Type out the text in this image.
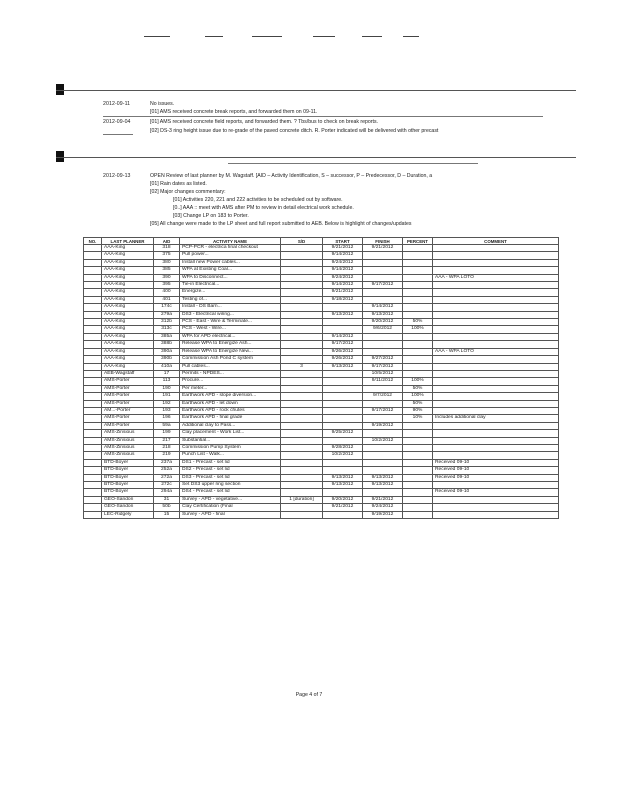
2012-09-11	No issues.
[01] AMS received concrete break reports, and forwarded them on 09-11.
2012-09-04	[01] AMS received concrete field reports, and forwarded them. ? Tbs/bus to check on break reports.
[02] DS-3 ring height issue due to re-grade of the paved concrete ditch. R. Porter indicated will be delivered with other precast
2012-09-13	OPEN Review of last planner by M. Wagstaff. [AID – Activity Identification, S – successor, P – Predecessor, D – Duration, a
[01] Rain dates as listed.
[02] Major changes commentary:
[01] Activities 220, 221 and 222 activities to be scheduled out by software.
[0..] AAA :: meet with AMS after PM to review in detail electrical work schedule.
[03] Change LP on 183 to Porter.
[05] All change were made to the LP sheet and full report submitted to AEB. Below is highlight of changes/updates
NO.	LAST PLANNER	AID	ACTIVITY NAME	S/D	START	FINISH	PERCENT	COMMENT
	AAA-King	318	PCP-PCR - electrica final checkout		9/21/2012	9/21/2012		
	AAA-King	375	Pull power...		9/14/2012			
	AAA-King	380	Install new Power cables...		9/24/2012			
	AAA-King	385	WPA at Existing Coal...		9/14/2012			
	AAA-King	390	WPA to Disconnect...		9/24/2012			AAA - WPA LOTO
	AAA-King	395	Tie-in Electrical...		9/14/2012	9/17/2012		
	AAA-King	400	Energize...		9/21/2012			
	AAA-King	401	Testing of...		9/18/2012			
	AAA-King	174c	Install - DS Barn...			9/14/2012		
	AAA-King	279a	DS3 - Electrical wiring...		9/13/2012	9/13/2012		
	AAA-King	312b	PCS - East - Wire & Terminate...			9/20/2012	50%	
	AAA-King	313c	PCS - West - Wire...			9/6/2012	100%	
	AAA-King	385a	WPA for APD electrical...		9/14/2012			
	AAA-King	388b	Release WPA to Energize Ash...		9/17/2012			
	AAA-King	390a	Release WPA to Energize New...		9/26/2012			AAA - WPA LOTO
	AAA-King	390b	Commission Ash Pond C system		9/26/2012	9/27/2012		
	AAA-King	410a	Pull cables...	3	9/13/2012	9/17/2012		
	AEB-Wagstaff	17	Permits - NPDES...			10/5/2012		
	AMS-Porter	113	Procure...			9/11/2012	100%	
	AMS-Porter	190	Per meter...				50%	
	AMS-Porter	191	Earthwork APD - slope diversion...			9/7/2012	100%	
	AMS-Porter	192	Earthwork APD - let down				50%	
	AM...-Porter	193	Earthwork APD - rock chutes			9/17/2012	90%	
	AMS-Porter	196	Earthwork APD - final grade				10%	Includes additional clay
	AMS-Porter	59a	Additional clay to Pass...			9/19/2012		
	AMS-Zinsious	199	Clay placement - Work List...		9/25/2012			
	AMS-Zinsious	217	Substantial...			10/2/2012		
	AMS-Zinsious	218	Commission Pump System		9/28/2012			
	AMS-Zinsious	219	Punch List - Walk...		10/2/2012			
	BTD-Boyer	237a	DS1 - Precast - set lid					Received 09-10
	BTD-Boyer	252a	DS2 - Precast - set lid					Received 09-10
	BTD-Boyer	272a	DS3 - Precast - set lid		9/13/2012	9/13/2012		Received 09-10
	BTD-Boyer	272c	Set DS3 upper ring section		9/13/2012	9/13/2012		
	BTD-Boyer	294a	DS4 - Precast - set lid					Received 09-10
	GEO-Sandon	31	Survey - APD - vegetative...	1 [duration]	9/20/2012	9/21/2012		
	GEO-Sandon	50b	Clay Certification (Final		9/21/2012	9/24/2012		
	LEC-Ridgely	15	Survey - APD - final			9/19/2012		
Page 4 of 7
